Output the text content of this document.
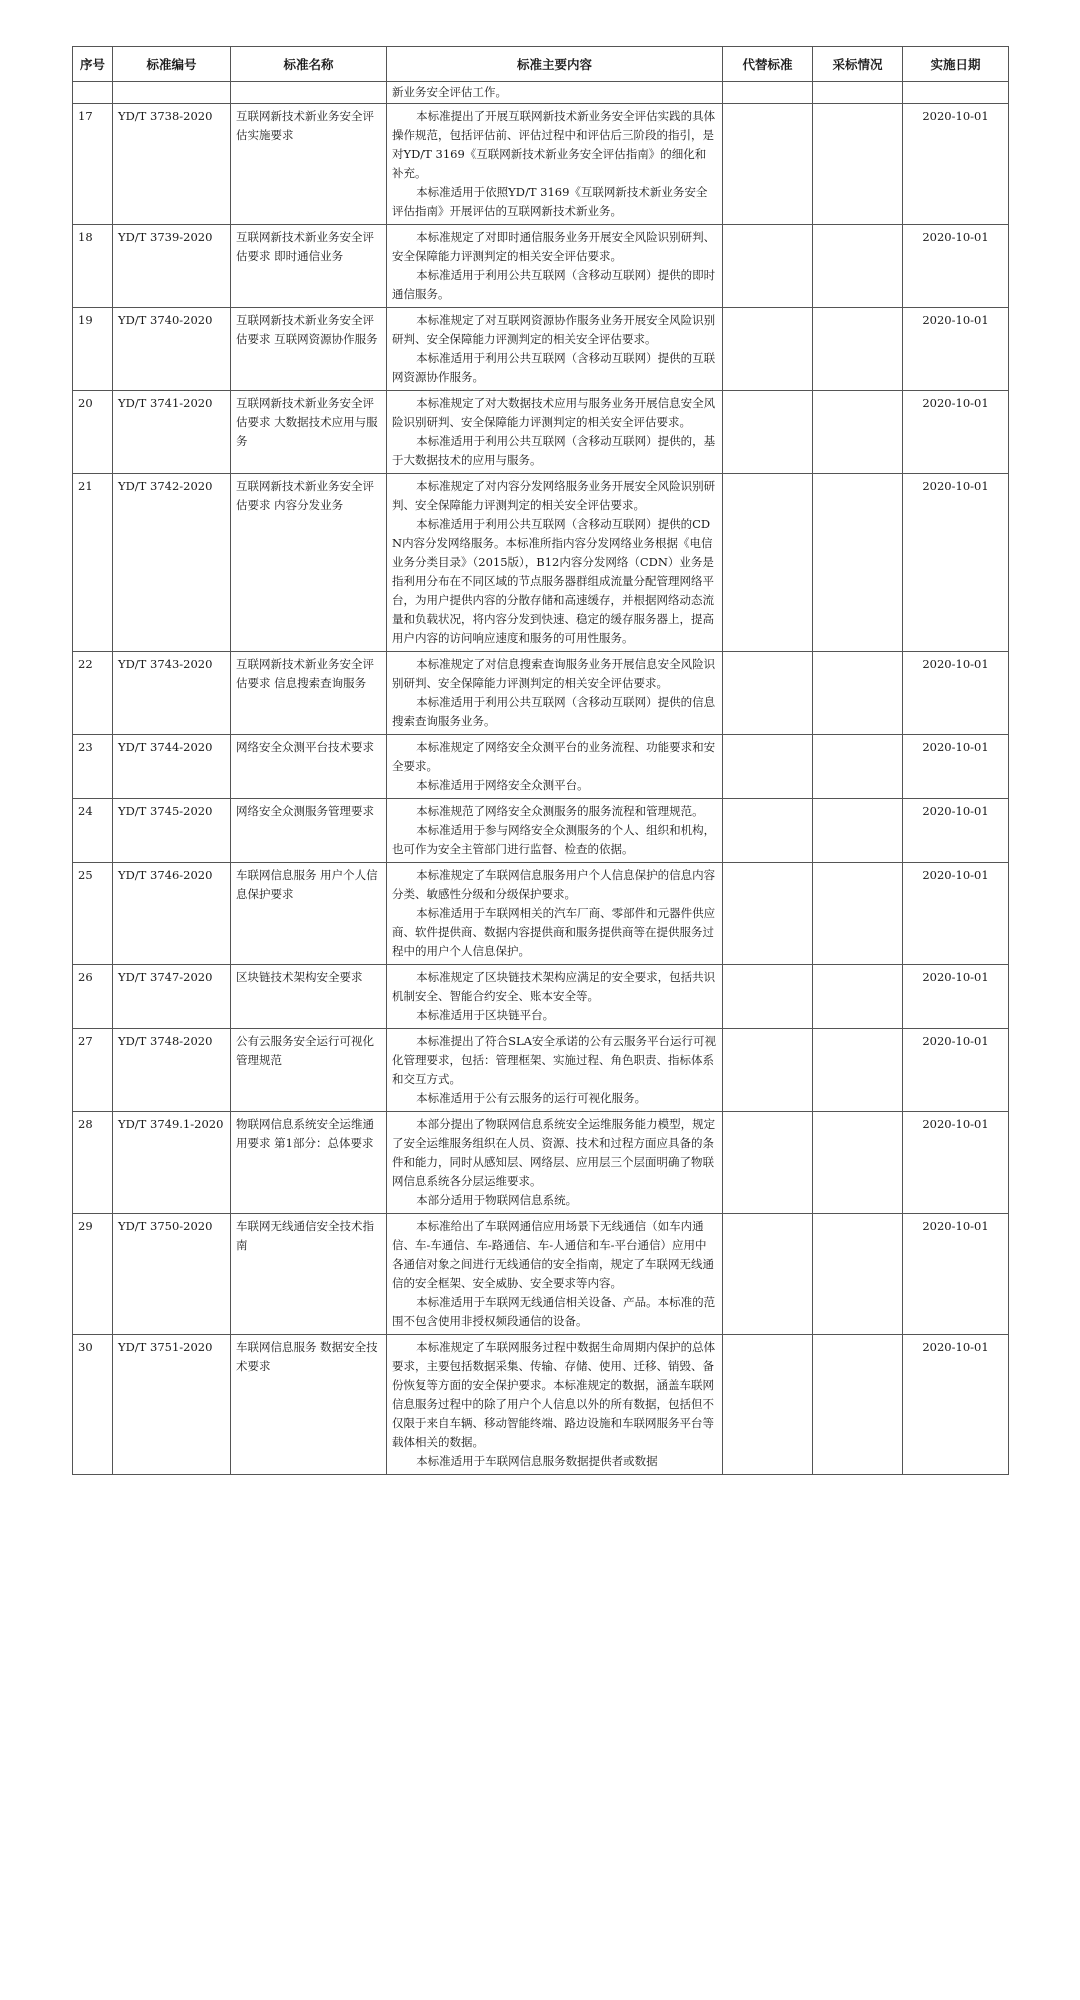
序号	标准编号	标准名称	标准主要内容	代替标准	采标情况	实施日期

			新业务安全评估工作。			

17	YD/T 3738-2020	互联网新技术新业务安全评估实施要求	本标准提出了开展互联网新技术新业务安全评估实践的具体操作规范，包括评估前、评估过程中和评估后三阶段的指引，是对YD/T 3169《互联网新技术新业务安全评估指南》的细化和补充。

本标准适用于依照YD/T 3169《互联网新技术新业务安全评估指南》开展评估的互联网新技术新业务。			2020-10-01
18	YD/T 3739-2020	互联网新技术新业务安全评估要求 即时通信业务	本标准规定了对即时通信服务业务开展安全风险识别研判、安全保障能力评测判定的相关安全评估要求。

本标准适用于利用公共互联网（含移动互联网）提供的即时通信服务。			2020-10-01
19	YD/T 3740-2020	互联网新技术新业务安全评估要求 互联网资源协作服务	本标准规定了对互联网资源协作服务业务开展安全风险识别研判、安全保障能力评测判定的相关安全评估要求。

本标准适用于利用公共互联网（含移动互联网）提供的互联网资源协作服务。			2020-10-01
20	YD/T 3741-2020	互联网新技术新业务安全评估要求 大数据技术应用与服务	本标准规定了对大数据技术应用与服务业务开展信息安全风险识别研判、安全保障能力评测判定的相关安全评估要求。

本标准适用于利用公共互联网（含移动互联网）提供的，基于大数据技术的应用与服务。			2020-10-01
21	YD/T 3742-2020	互联网新技术新业务安全评估要求 内容分发业务	本标准规定了对内容分发网络服务业务开展安全风险识别研判、安全保障能力评测判定的相关安全评估要求。

本标准适用于利用公共互联网（含移动互联网）提供的CDN内容分发网络服务。本标准所指内容分发网络业务根据《电信业务分类目录》（2015版），B12内容分发网络（CDN）业务是指利用分布在不同区域的节点服务器群组成流量分配管理网络平台，为用户提供内容的分散存储和高速缓存，并根据网络动态流量和负载状况，将内容分发到快速、稳定的缓存服务器上，提高用户内容的访问响应速度和服务的可用性服务。			2020-10-01
22	YD/T 3743-2020	互联网新技术新业务安全评估要求 信息搜索查询服务	本标准规定了对信息搜索查询服务业务开展信息安全风险识别研判、安全保障能力评测判定的相关安全评估要求。

本标准适用于利用公共互联网（含移动互联网）提供的信息搜索查询服务业务。			2020-10-01
23	YD/T 3744-2020	网络安全众测平台技术要求	本标准规定了网络安全众测平台的业务流程、功能要求和安全要求。

本标准适用于网络安全众测平台。			2020-10-01
24	YD/T 3745-2020	网络安全众测服务管理要求	本标准规范了网络安全众测服务的服务流程和管理规范。

本标准适用于参与网络安全众测服务的个人、组织和机构，也可作为安全主管部门进行监督、检查的依据。			2020-10-01
25	YD/T 3746-2020	车联网信息服务 用户个人信息保护要求	本标准规定了车联网信息服务用户个人信息保护的信息内容分类、敏感性分级和分级保护要求。

本标准适用于车联网相关的汽车厂商、零部件和元器件供应商、软件提供商、数据内容提供商和服务提供商等在提供服务过程中的用户个人信息保护。			2020-10-01
26	YD/T 3747-2020	区块链技术架构安全要求	本标准规定了区块链技术架构应满足的安全要求，包括共识机制安全、智能合约安全、账本安全等。

本标准适用于区块链平台。			2020-10-01
27	YD/T 3748-2020	公有云服务安全运行可视化管理规范	本标准提出了符合SLA安全承诺的公有云服务平台运行可视化管理要求，包括：管理框架、实施过程、角色职责、指标体系和交互方式。

本标准适用于公有云服务的运行可视化服务。			2020-10-01
28	YD/T 3749.1-2020	物联网信息系统安全运维通用要求 第1部分：总体要求	本部分提出了物联网信息系统安全运维服务能力模型，规定了安全运维服务组织在人员、资源、技术和过程方面应具备的条件和能力，同时从感知层、网络层、应用层三个层面明确了物联网信息系统各分层运维要求。

本部分适用于物联网信息系统。			2020-10-01
29	YD/T 3750-2020	车联网无线通信安全技术指南	本标准给出了车联网通信应用场景下无线通信（如车内通信、车-车通信、车-路通信、车-人通信和车-平台通信）应用中各通信对象之间进行无线通信的安全指南，规定了车联网无线通信的安全框架、安全威胁、安全要求等内容。

本标准适用于车联网无线通信相关设备、产品。本标准的范围不包含使用非授权频段通信的设备。			2020-10-01
30	YD/T 3751-2020	车联网信息服务 数据安全技术要求	本标准规定了车联网服务过程中数据生命周期内保护的总体要求，主要包括数据采集、传输、存储、使用、迁移、销毁、备份恢复等方面的安全保护要求。本标准规定的数据，涵盖车联网信息服务过程中的除了用户个人信息以外的所有数据，包括但不仅限于来自车辆、移动智能终端、路边设施和车联网服务平台等载体相关的数据。

本标准适用于车联网信息服务数据提供者或数据			2020-10-01
